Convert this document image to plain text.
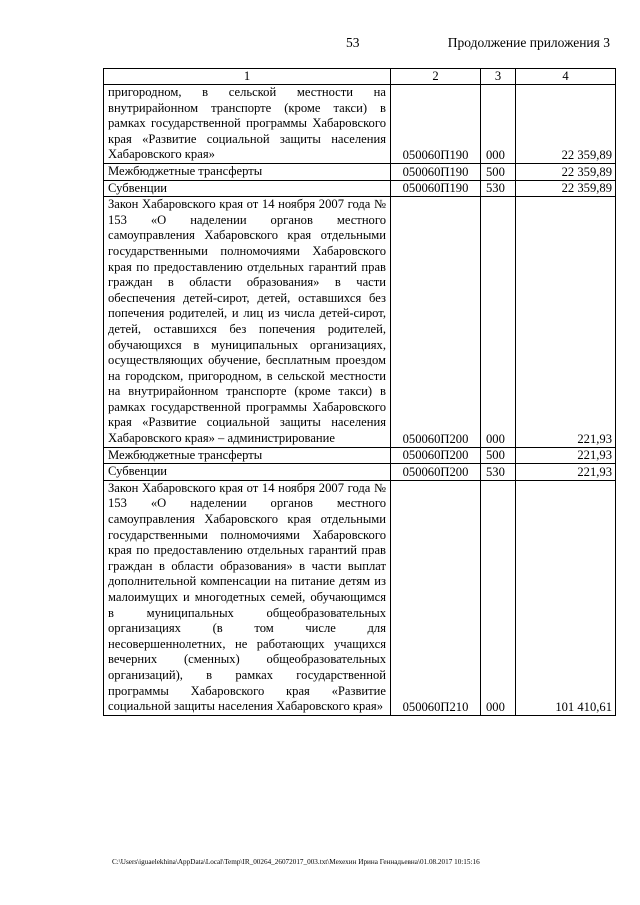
53	Продолжение приложения 3
1	2	3	4
пригородном, в сельской местности на внутрирайонном транспорте (кроме такси) в рамках государственной программы Хабаровского края «Развитие социальной защиты населения Хабаровского края»	050060П190	000	22 359,89
Межбюджетные трансферты	050060П190	500	22 359,89
Субвенции	050060П190	530	22 359,89
Закон Хабаровского края от 14 ноября 2007 года № 153 «О наделении органов местного самоуправления Хабаровского края отдельными государственными полномочиями Хабаровского края по предоставлению отдельных гарантий прав граждан в области образования» в части обеспечения детей-сирот, детей, оставшихся без попечения родителей, и лиц из числа детей-сирот, детей, оставшихся без попечения родителей, обучающихся в муниципальных организациях, осуществляющих обучение, бесплатным проездом на городском, пригородном, в сельской местности на внутрирайонном транспорте (кроме такси) в рамках государственной программы Хабаровского края «Развитие социальной защиты населения Хабаровского края» – администрирование	050060П200	000	221,93
Межбюджетные трансферты	050060П200	500	221,93
Субвенции	050060П200	530	221,93
Закон Хабаровского края от 14 ноября 2007 года № 153 «О наделении органов местного самоуправления Хабаровского края отдельными государственными полномочиями Хабаровского края по предоставлению отдельных гарантий прав граждан в области образования» в части выплат дополнительной компенсации на питание детям из малоимущих и многодетных семей, обучающимся в муниципальных общеобразовательных организациях (в том числе для несовершеннолетних, не работающих учащихся вечерних (сменных) общеобразовательных организаций), в рамках государственной программы Хабаровского края «Развитие социальной защиты населения Хабаровского края»	050060П210	000	101 410,61
C:\Users\iguaelekhina\AppData\Local\Temp\IR_00264_26072017_003.txt\Мехехин Ирина Геннадьевна\01.08.2017 10:15:16
